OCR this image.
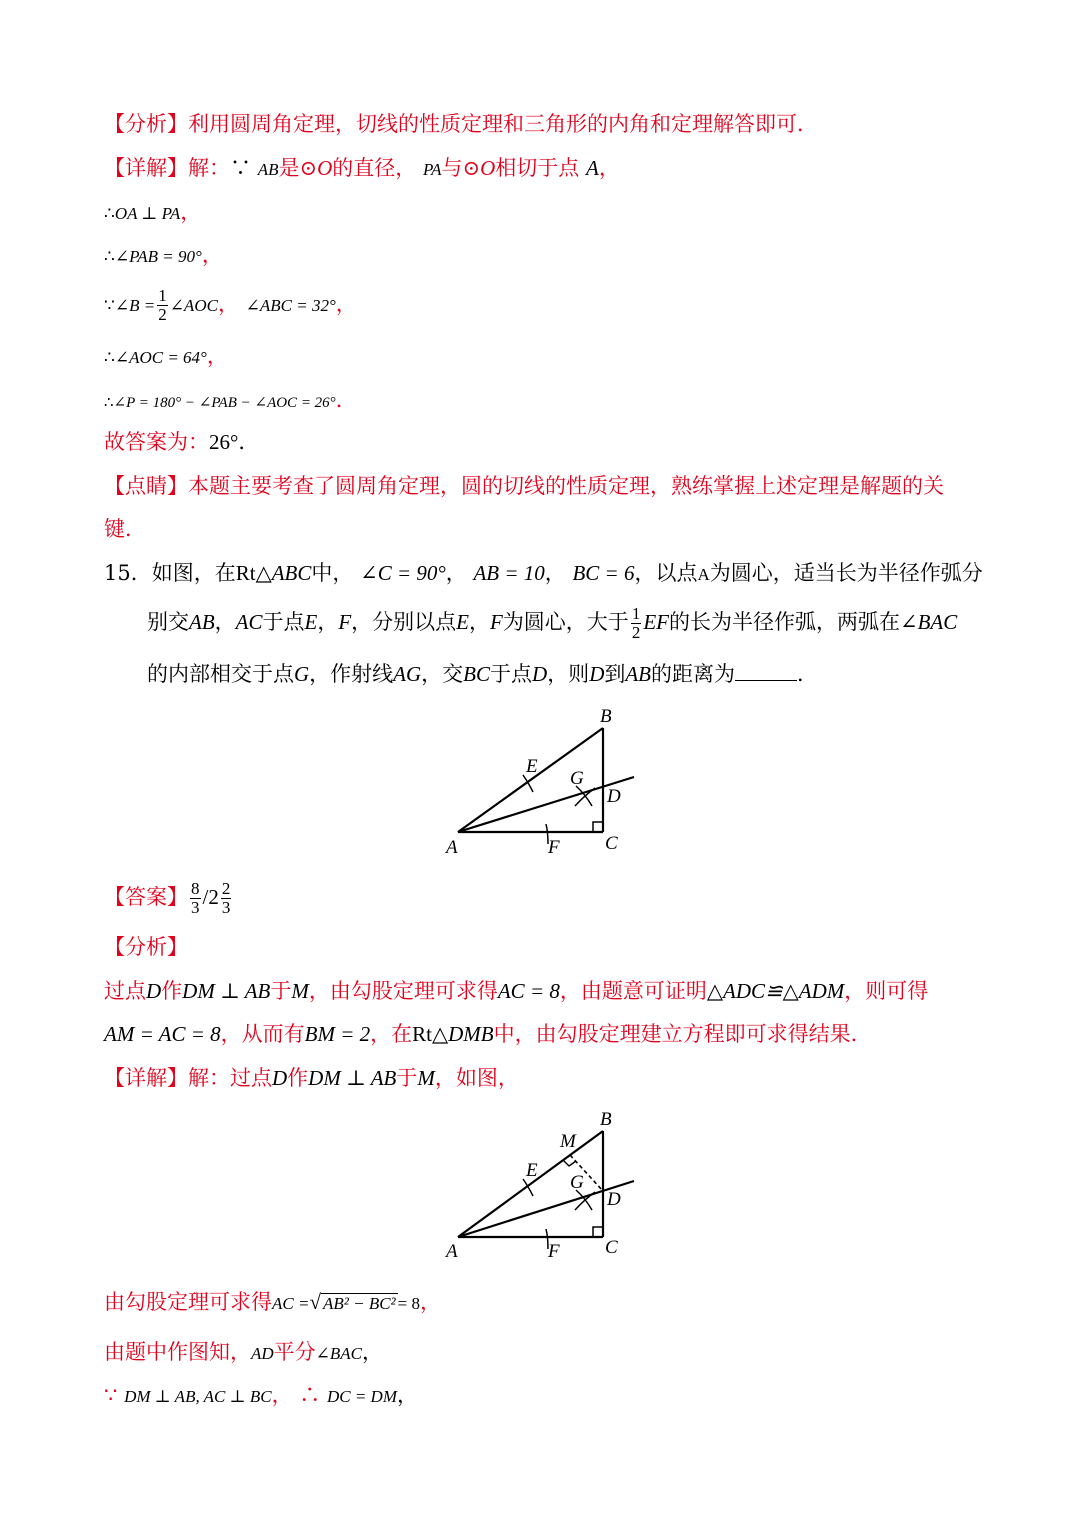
【分析】利用圆周角定理，切线的性质定理和三角形的内角和定理解答即可．
【详解】解：∵ AB是⊙O的直径， PA与⊙O相切于点 A，
∴OA ⊥ PA，
∴∠PAB = 90°，
∵∠B = $\frac{1}{2}$ ∠AOC， ∠ABC = 32°，
∴∠AOC = 64°，
∴∠P = 180° − ∠PAB − ∠AOC = 26°．
故答案为：26°．
【点睛】本题主要考查了圆周角定理，圆的切线的性质定理，熟练掌握上述定理是解题的关
键．
15．如图，在Rt△ABC中， ∠C = 90°， AB = 10， BC = 6，以点A为圆心，适当长为半径作弧分
别交AB，AC于点E，F，分别以点E，F为圆心，大于 $\frac{1}{2}$ EF的长为半径作弧，两弧在∠BAC
的内部相交于点G，作射线AG，交BC于点D，则D到AB的距离为	．
B
E
G
D
A	F C
【答案】 $\frac{8}{3} /2 \frac{2}{3}$
【分析】
过点D作DM ⊥ AB于M，由勾股定理可求得AC = 8，由题意可证明△ADC≌△ADM，则可得
AM = AC = 8，从而有BM = 2，在Rt△DMB中，由勾股定理建立方程即可求得结果．
【详解】解：过点D作DM ⊥ AB于M，如图，
B
M
E
G
D
A	F C
由勾股定理可求得AC =√ AB² − BC² = 8，
由题中作图知，AD平分∠BAC，
∵ DM ⊥ AB, AC ⊥ BC， ∴ DC = DM，
